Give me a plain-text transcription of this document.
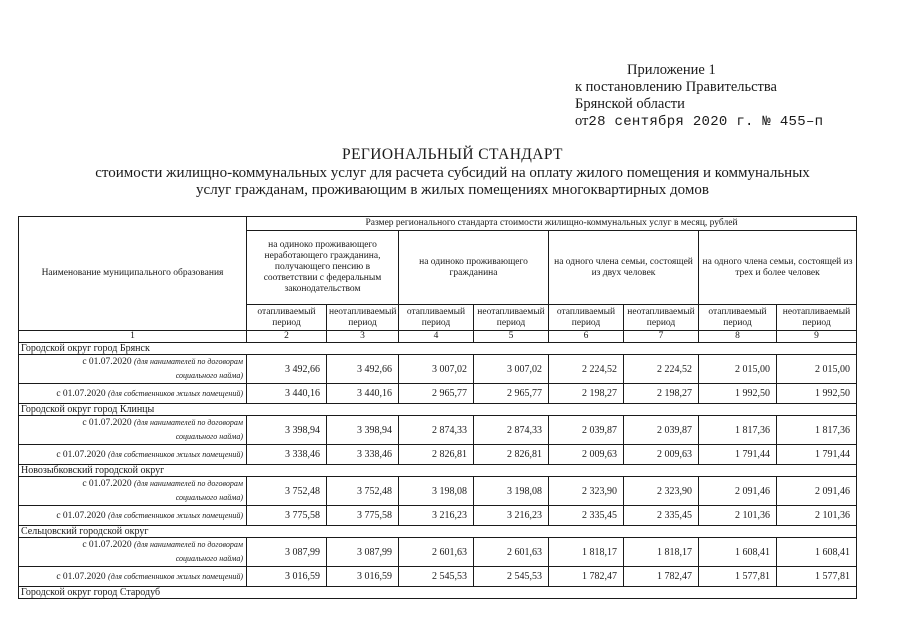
Приложение 1
к постановлению Правительства
Брянской области
от28 сентября 2020 г. № 455–п
РЕГИОНАЛЬНЫЙ СТАНДАРТ
стоимости жилищно-коммунальных услуг для расчета субсидий на оплату жилого помещения и коммунальных
услуг гражданам, проживающим в жилых помещениях многоквартирных домов
Наименование муниципального образования	Размер регионального стандарта стоимости жилищно-коммунальных услуг в месяц, рублей							
	на одиноко проживающего неработающего гражданина, получающего пенсию в соответствии с федеральным законодательством		на одиноко проживающего гражданина		на одного члена семьи, состоящей из двух человек		на одного члена семьи, состоящей из трех и более человек	
	отапливаемый период	неотапливаемый период	отапливаемый период	неотапливаемый период	отапливаемый период	неотапливаемый период	отапливаемый период	неотапливаемый период
1	2	3	4	5	6	7	8	9
Городской округ город Брянск								
с 01.07.2020 (для нанимателей по договорам
социального найма)	3 492,66	3 492,66	3 007,02	3 007,02	2 224,52	2 224,52	2 015,00	2 015,00
с 01.07.2020 (для собственников жилых помещений)	3 440,16	3 440,16	2 965,77	2 965,77	2 198,27	2 198,27	1 992,50	1 992,50
Городской округ город Клинцы								
с 01.07.2020 (для нанимателей по договорам
социального найма)	3 398,94	3 398,94	2 874,33	2 874,33	2 039,87	2 039,87	1 817,36	1 817,36
с 01.07.2020 (для собственников жилых помещений)	3 338,46	3 338,46	2 826,81	2 826,81	2 009,63	2 009,63	1 791,44	1 791,44
Новозыбковский городской округ								
с 01.07.2020 (для нанимателей по договорам
социального найма)	3 752,48	3 752,48	3 198,08	3 198,08	2 323,90	2 323,90	2 091,46	2 091,46
с 01.07.2020 (для собственников жилых помещений)	3 775,58	3 775,58	3 216,23	3 216,23	2 335,45	2 335,45	2 101,36	2 101,36
Сельцовский городской округ								
с 01.07.2020 (для нанимателей по договорам
социального найма)	3 087,99	3 087,99	2 601,63	2 601,63	1 818,17	1 818,17	1 608,41	1 608,41
с 01.07.2020 (для собственников жилых помещений)	3 016,59	3 016,59	2 545,53	2 545,53	1 782,47	1 782,47	1 577,81	1 577,81
Городской округ город Стародуб								
